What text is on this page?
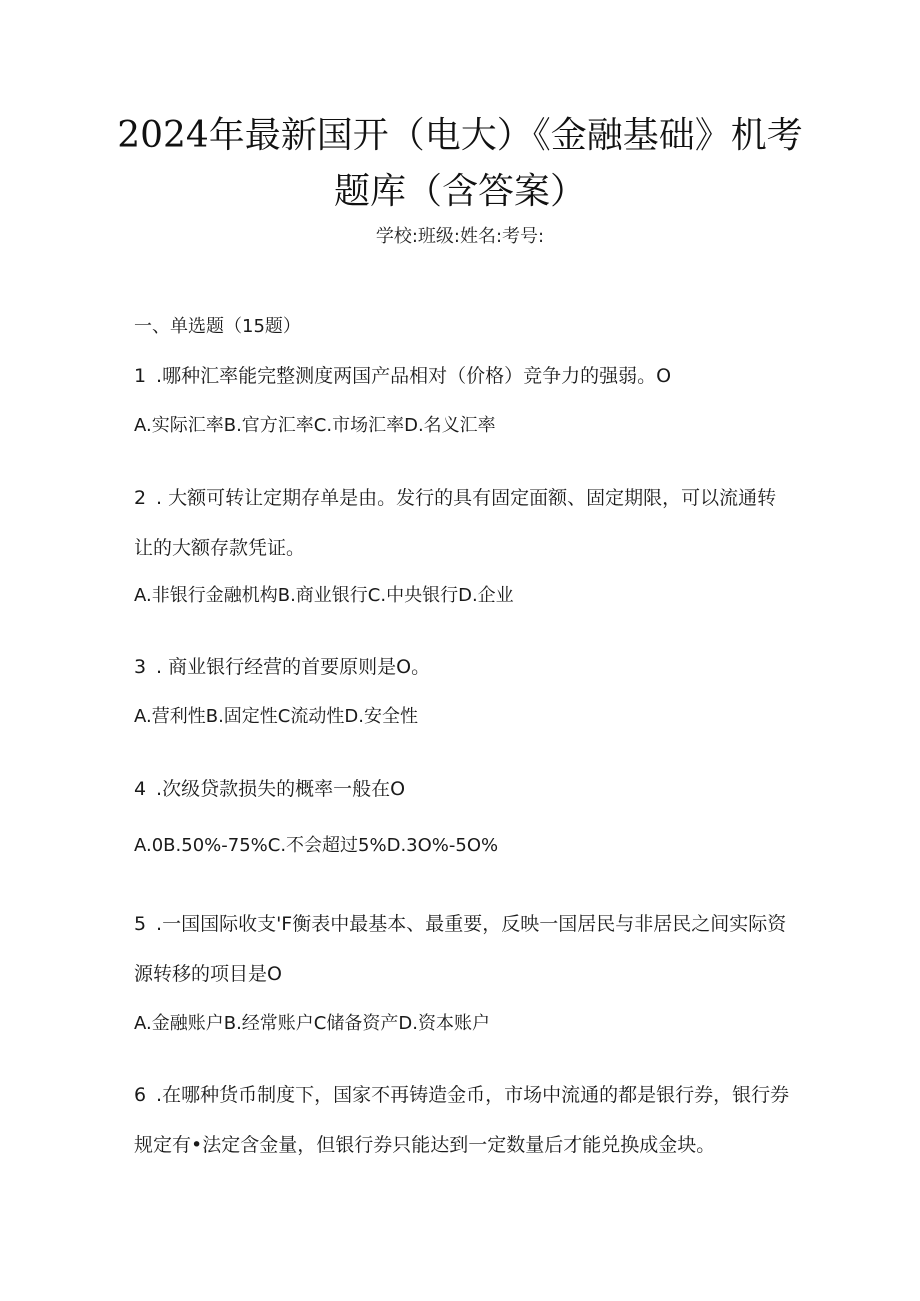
2024年最新国开（电大）《金融基础》机考
题库（含答案）
学校:班级:姓名:考号:
一、单选题（15题）

1 .哪种汇率能完整测度两国产品相对（价格）竞争力的强弱。O

A.实际汇率B.官方汇率C.市场汇率D.名义汇率

2 . 大额可转让定期存单是由。发行的具有固定面额、固定期限，可以流通转让的大额存款凭证。

A.非银行金融机构B.商业银行C.中央银行D.企业

3 . 商业银行经营的首要原则是O。

A.营利性B.固定性C流动性D.安全性

4 .次级贷款损失的概率一般在O

A.0B.50%-75%C.不会超过5%D.3O%-5O%

5 .一国国际收支'F衡表中最基本、最重要，反映一国居民与非居民之间实际资源转移的项目是O

A.金融账户B.经常账户C储备资产D.资本账户

6 .在哪种货币制度下，国家不再铸造金币，市场中流通的都是银行券，银行券规定有•法定含金量，但银行券只能达到一定数量后才能兑换成金块。
